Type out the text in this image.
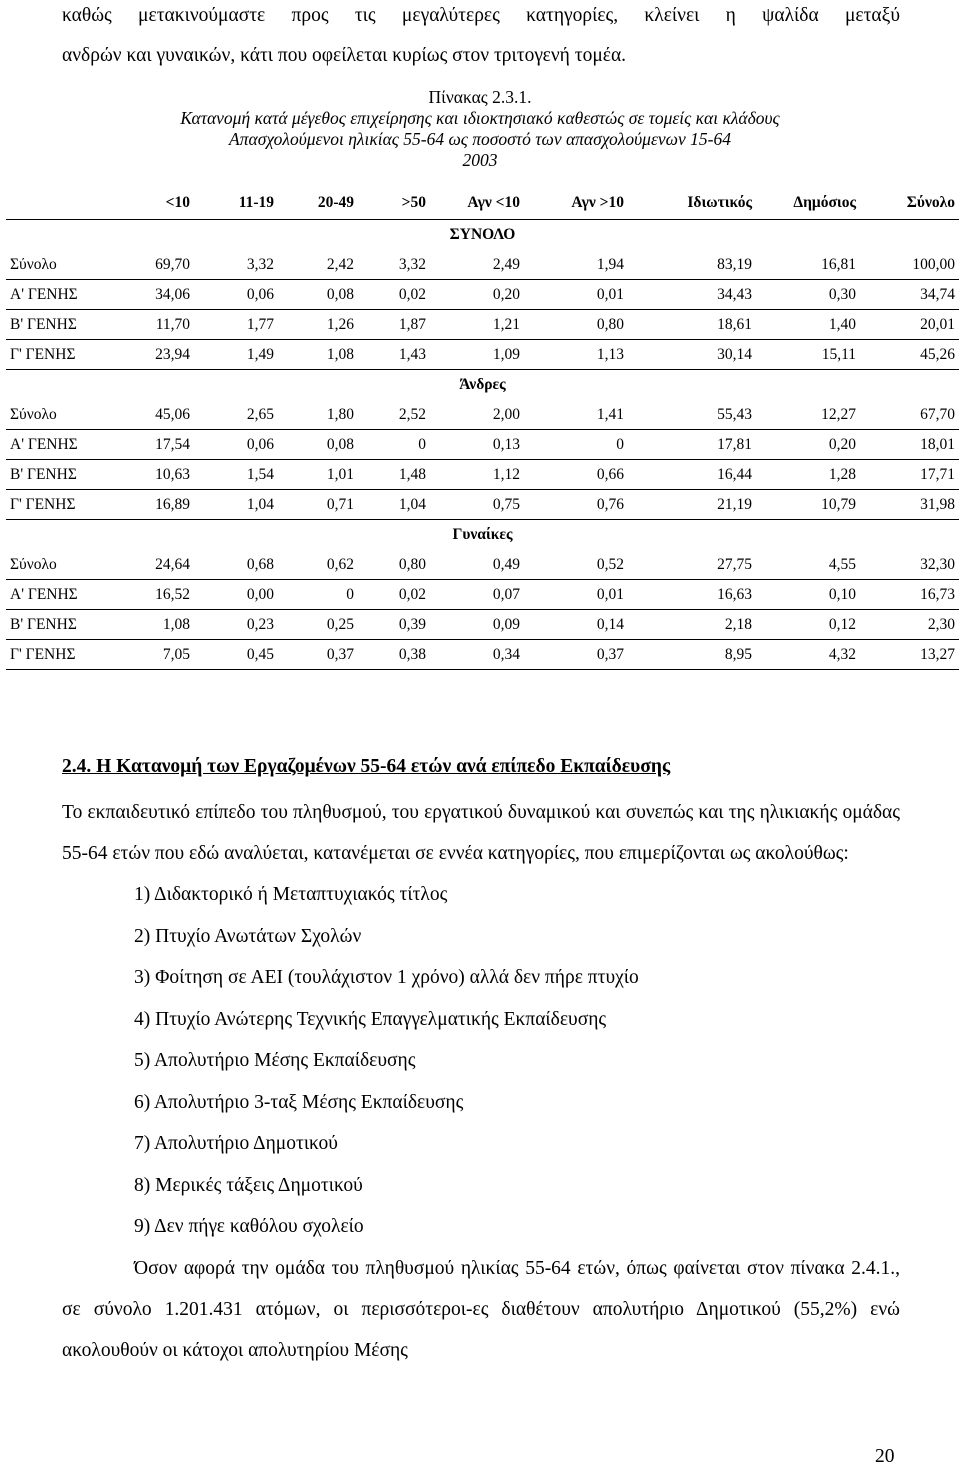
καθώς μετακινούμαστε προς τις μεγαλύτερες κατηγορίες, κλείνει η ψαλίδα μεταξύ

ανδρών και γυναικών, κάτι που οφείλεται κυρίως στον τριτογενή τομέα.

Πίνακας 2.3.1.
Κατανομή κατά μέγεθος επιχείρησης και ιδιοκτησιακό καθεστώς σε τομείς και κλάδους
Απασχολούμενοι ηλικίας 55-64 ως ποσοστό των απασχολούμενων 15-64
2003
	<10	11-19	20-49	>50	Αγν <10	Αγν >10	Ιδιωτικός	Δημόσιος	Σύνολο
ΣΥΝΟΛΟ									
Σύνολο	69,70	3,32	2,42	3,32	2,49	1,94	83,19	16,81	100,00
Α' ΓΕΝΗΣ	34,06	0,06	0,08	0,02	0,20	0,01	34,43	0,30	34,74
Β' ΓΕΝΗΣ	11,70	1,77	1,26	1,87	1,21	0,80	18,61	1,40	20,01
Γ' ΓΕΝΗΣ	23,94	1,49	1,08	1,43	1,09	1,13	30,14	15,11	45,26
Άνδρες									
Σύνολο	45,06	2,65	1,80	2,52	2,00	1,41	55,43	12,27	67,70
Α' ΓΕΝΗΣ	17,54	0,06	0,08	0	0,13	0	17,81	0,20	18,01
Β' ΓΕΝΗΣ	10,63	1,54	1,01	1,48	1,12	0,66	16,44	1,28	17,71
Γ' ΓΕΝΗΣ	16,89	1,04	0,71	1,04	0,75	0,76	21,19	10,79	31,98
Γυναίκες									
Σύνολο	24,64	0,68	0,62	0,80	0,49	0,52	27,75	4,55	32,30
Α' ΓΕΝΗΣ	16,52	0,00	0	0,02	0,07	0,01	16,63	0,10	16,73
Β' ΓΕΝΗΣ	1,08	0,23	0,25	0,39	0,09	0,14	2,18	0,12	2,30
Γ' ΓΕΝΗΣ	7,05	0,45	0,37	0,38	0,34	0,37	8,95	4,32	13,27
2.4. Η Κατανομή των Εργαζομένων 55-64 ετών ανά επίπεδο Εκπαίδευσης

Το εκπαιδευτικό επίπεδο του πληθυσμού, του εργατικού δυναμικού και συνεπώς και της ηλικιακής ομάδας 55-64 ετών που εδώ αναλύεται, κατανέμεται σε εννέα κατηγορίες, που επιμερίζονται ως ακολούθως:

1) Διδακτορικό ή Μεταπτυχιακός τίτλος
2) Πτυχίο Ανωτάτων Σχολών
3) Φοίτηση σε ΑΕΙ (τουλάχιστον 1 χρόνο) αλλά δεν πήρε πτυχίο
4) Πτυχίο Ανώτερης Τεχνικής Επαγγελματικής Εκπαίδευσης
5) Απολυτήριο Μέσης Εκπαίδευσης
6) Απολυτήριο 3-ταξ Μέσης Εκπαίδευσης
7) Απολυτήριο Δημοτικού
8) Μερικές τάξεις Δημοτικού
9) Δεν πήγε καθόλου σχολείο

Όσον αφορά την ομάδα του πληθυσμού ηλικίας 55-64 ετών, όπως φαίνεται στον πίνακα 2.4.1., σε σύνολο 1.201.431 ατόμων, οι περισσότεροι-ες διαθέτουν απολυτήριο Δημοτικού (55,2%) ενώ ακολουθούν οι κάτοχοι απολυτηρίου Μέσης

20
